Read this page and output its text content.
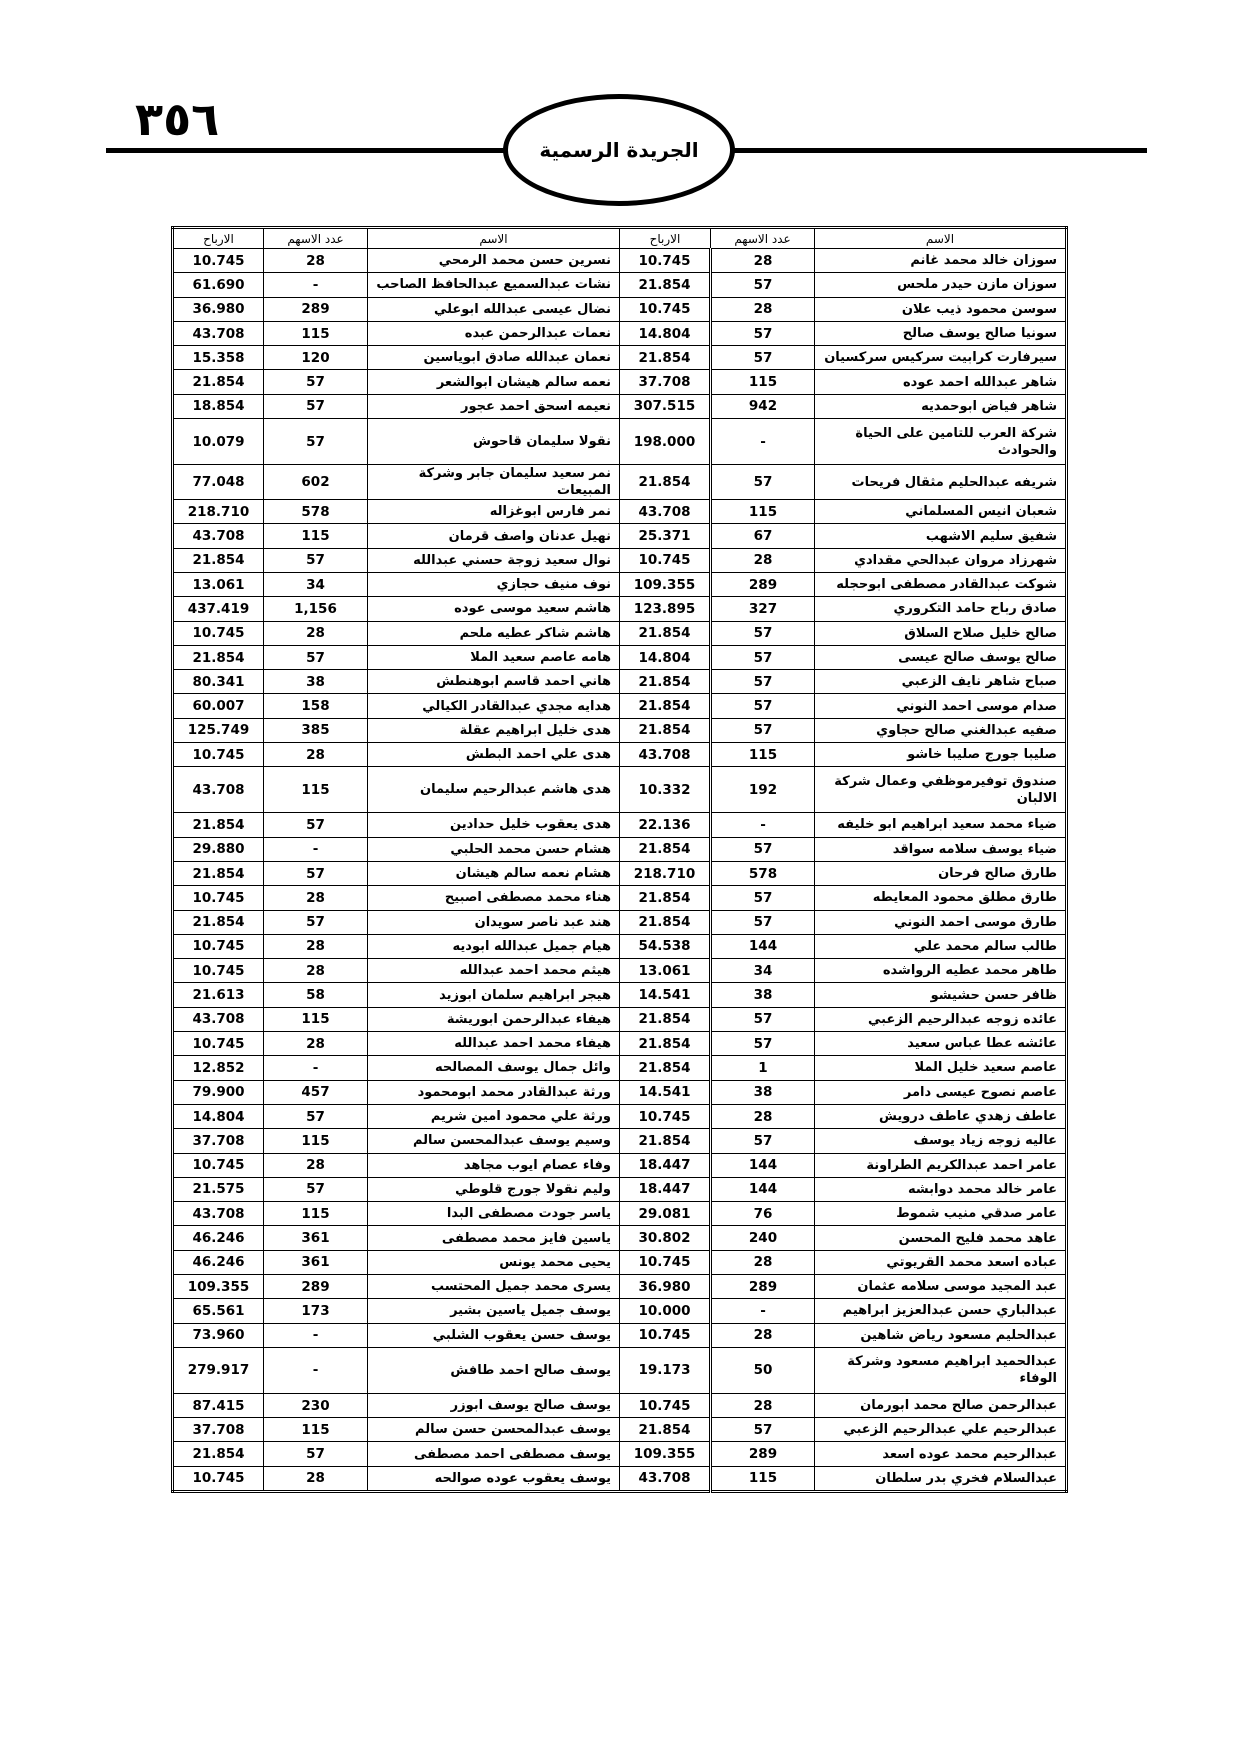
٣٥٦
الجريدة الرسمية
الاسم	عدد الاسهم	الارباح	الاسم	عدد الاسهم	الارباح
سوزان خالد محمد غانم	28	10.745	نسرين حسن محمد الرمحي	28	10.745
سوزان مازن حيدر ملحس	57	21.854	نشات عبدالسميع عبدالحافظ الصاحب	-	61.690
سوسن محمود ذيب علان	28	10.745	نضال عيسى عبدالله ابوعلي	289	36.980
سونيا صالح يوسف صالح	57	14.804	نعمات عبدالرحمن عبده	115	43.708
سيرفارت كرابيت سركيس سركسيان	57	21.854	نعمان عبدالله صادق ابوياسين	120	15.358
شاهر عبدالله احمد عوده	115	37.708	نعمه سالم هيشان ابوالشعر	57	21.854
شاهر فياض ابوحمديه	942	307.515	نعيمه اسحق احمد عجور	57	18.854
شركة العرب للتامين على الحياة والحوادث	-	198.000	نقولا سليمان قاحوش	57	10.079
شريفه عبدالحليم مثقال فريحات	57	21.854	نمر سعيد سليمان جابر وشركة المبيعات	602	77.048
شعبان انيس المسلماني	115	43.708	نمر فارس ابوغزاله	578	218.710
شفيق سليم الاشهب	67	25.371	نهيل عدنان واصف قرمان	115	43.708
شهرزاد مروان عبدالحي مقدادي	28	10.745	نوال سعيد زوجة حسني عبدالله	57	21.854
شوكت عبدالقادر مصطفى ابوحجله	289	109.355	نوف منيف حجازي	34	13.061
صادق رباح حامد التكروري	327	123.895	هاشم سعيد موسى عوده	1,156	437.419
صالح خليل صلاح السلاق	57	21.854	هاشم شاكر عطيه ملحم	28	10.745
صالح يوسف صالح عيسى	57	14.804	هامه عاصم سعيد الملا	57	21.854
صباح شاهر نايف الزعبي	57	21.854	هاني احمد قاسم ابوهنطش	38	80.341
صدام موسى احمد النوني	57	21.854	هدايه مجدي عبدالقادر الكيالي	158	60.007
صفيه عبدالغني صالح حجاوي	57	21.854	هدى خليل ابراهيم عقلة	385	125.749
صليبا جورج صليبا خاشو	115	43.708	هدى علي احمد البطش	28	10.745
صندوق توفيرموظفي وعمال شركة الالبان	192	10.332	هدى هاشم عبدالرحيم سليمان	115	43.708
ضياء محمد سعيد ابراهيم ابو خليفه	-	22.136	هدى يعقوب خليل حدادين	57	21.854
ضياء يوسف سلامه سواقد	57	21.854	هشام حسن محمد الحلبي	-	29.880
طارق صالح فرحان	578	218.710	هشام نعمه سالم هيشان	57	21.854
طارق مطلق محمود المعايطه	57	21.854	هناء محمد مصطفى اصبيح	28	10.745
طارق موسى احمد النوني	57	21.854	هند عبد ناصر سويدان	57	21.854
طالب سالم محمد علي	144	54.538	هيام جميل عبدالله ابوديه	28	10.745
طاهر محمد عطيه الرواشده	34	13.061	هيثم محمد احمد عبدالله	28	10.745
ظافر حسن حشيشو	38	14.541	هيجر ابراهيم سلمان ابوزيد	58	21.613
عائده زوجه عبدالرحيم الزعبي	57	21.854	هيفاء عبدالرحمن ابوريشة	115	43.708
عائشه عطا عباس سعيد	57	21.854	هيفاء محمد احمد عبدالله	28	10.745
عاصم سعيد خليل الملا	1	21.854	وائل جمال يوسف المصالحه	-	12.852
عاصم نصوح عيسى دامر	38	14.541	ورثة عبدالقادر محمد ابومحمود	457	79.900
عاطف زهدي عاطف درويش	28	10.745	ورثة علي محمود امين شريم	57	14.804
عاليه زوجه زياد يوسف	57	21.854	وسيم يوسف عبدالمحسن سالم	115	37.708
عامر احمد عبدالكريم الطراونة	144	18.447	وفاء عصام ايوب مجاهد	28	10.745
عامر خالد محمد دوابشه	144	18.447	وليم نقولا جورج قلوطي	57	21.575
عامر صدقي منيب شموط	76	29.081	ياسر جودت مصطفى البدا	115	43.708
عاهد محمد فليح المحسن	240	30.802	ياسين فايز محمد مصطفى	361	46.246
عباده اسعد محمد القريوتي	28	10.745	يحيى محمد يونس	361	46.246
عبد المجيد موسى سلامه عثمان	289	36.980	يسرى محمد جميل المحتسب	289	109.355
عبدالباري حسن عبدالعزيز ابراهيم	-	10.000	يوسف جميل ياسين بشير	173	65.561
عبدالحليم مسعود رياض شاهين	28	10.745	يوسف حسن يعقوب الشلبي	-	73.960
عبدالحميد ابراهيم مسعود وشركة الوفاء	50	19.173	يوسف صالح احمد طافش	-	279.917
عبدالرحمن صالح محمد ابورمان	28	10.745	يوسف صالح يوسف ابوزر	230	87.415
عبدالرحيم علي عبدالرحيم الزعبي	57	21.854	يوسف عبدالمحسن حسن سالم	115	37.708
عبدالرحيم محمد عوده اسعد	289	109.355	يوسف مصطفى احمد مصطفى	57	21.854
عبدالسلام فخري بدر سلطان	115	43.708	يوسف يعقوب عوده صوالحه	28	10.745
